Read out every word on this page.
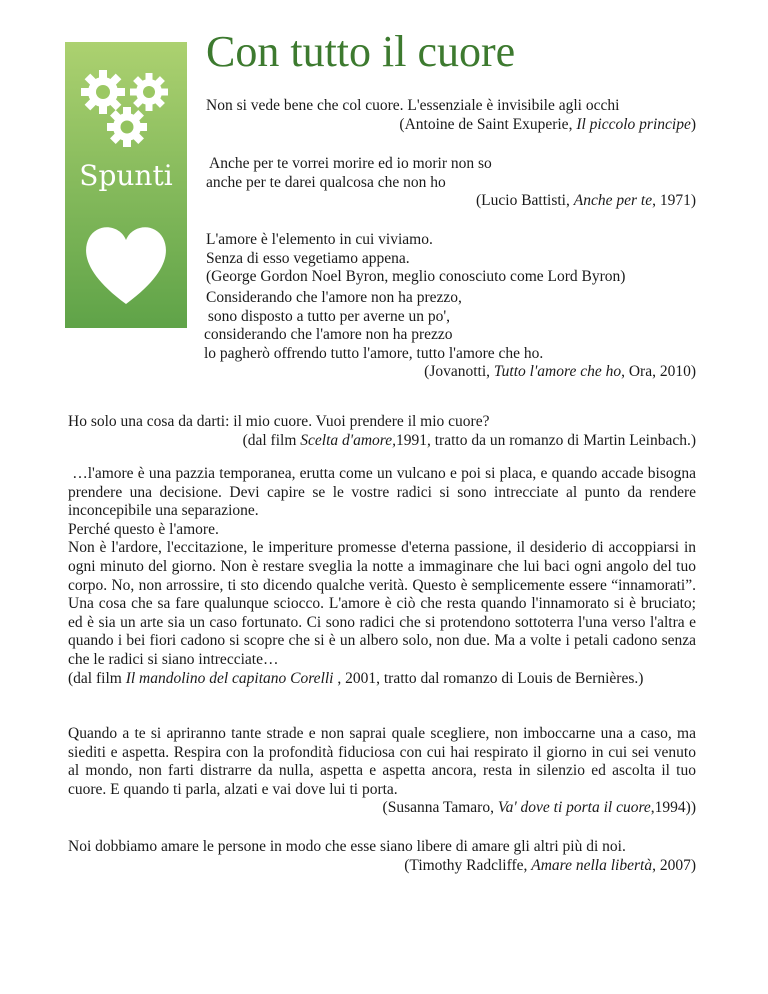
Spunti
Con tutto il cuore
Non si vede bene che col cuore. L'essenziale è invisibile agli occhi
(Antoine de Saint Exuperie, Il piccolo principe)
Anche per te vorrei morire ed io morir non so
anche per te darei qualcosa che non ho
(Lucio Battisti, Anche per te, 1971)
L'amore è l'elemento in cui viviamo.
Senza di esso vegetiamo appena.
(George Gordon Noel Byron, meglio conosciuto come Lord Byron)
Considerando che l'amore non ha prezzo,
sono disposto a tutto per averne un po',
considerando che l'amore non ha prezzo
lo pagherò offrendo tutto l'amore, tutto l'amore che ho.
(Jovanotti, Tutto l'amore che ho, Ora, 2010)
Ho solo una cosa da darti: il mio cuore. Vuoi prendere il mio cuore?
(dal film Scelta d'amore,1991, tratto da un romanzo di Martin Leinbach.)

…l'amore è una pazzia temporanea, erutta come un vulcano e poi si placa, e quando accade bisogna prendere una decisione. Devi capire se le vostre radici si sono intrecciate al punto da rendere inconcepibile una separazione.

Perché questo è l'amore.

Non è l'ardore, l'eccitazione, le imperiture promesse d'eterna passione, il desiderio di accoppiarsi in ogni minuto del giorno. Non è restare sveglia la notte a immaginare che lui baci ogni angolo del tuo corpo. No, non arrossire, ti sto dicendo qualche verità. Questo è semplicemente essere “innamorati”. Una cosa che sa fare qualunque sciocco. L'amore è ciò che resta quando l'innamorato si è bruciato; ed è sia un arte sia un caso fortunato. Ci sono radici che si protendono sottoterra l'una verso l'altra e quando i bei fiori cadono si scopre che si è un albero solo, non due. Ma a volte i petali cadono senza che le radici si siano intrecciate…

(dal film Il mandolino del capitano Corelli , 2001, tratto dal romanzo di Louis de Bernières.)

Quando a te si apriranno tante strade e non saprai quale scegliere, non imboccarne una a caso, ma siediti e aspetta. Respira con la profondità fiduciosa con cui hai respirato il giorno in cui sei venuto al mondo, non farti distrarre da nulla, aspetta e aspetta ancora, resta in silenzio ed ascolta il tuo cuore. E quando ti parla, alzati e vai dove lui ti porta.

(Susanna Tamaro, Va' dove ti porta il cuore,1994))
Noi dobbiamo amare le persone in modo che esse siano libere di amare gli altri più di noi.
(Timothy Radcliffe, Amare nella libertà, 2007)
